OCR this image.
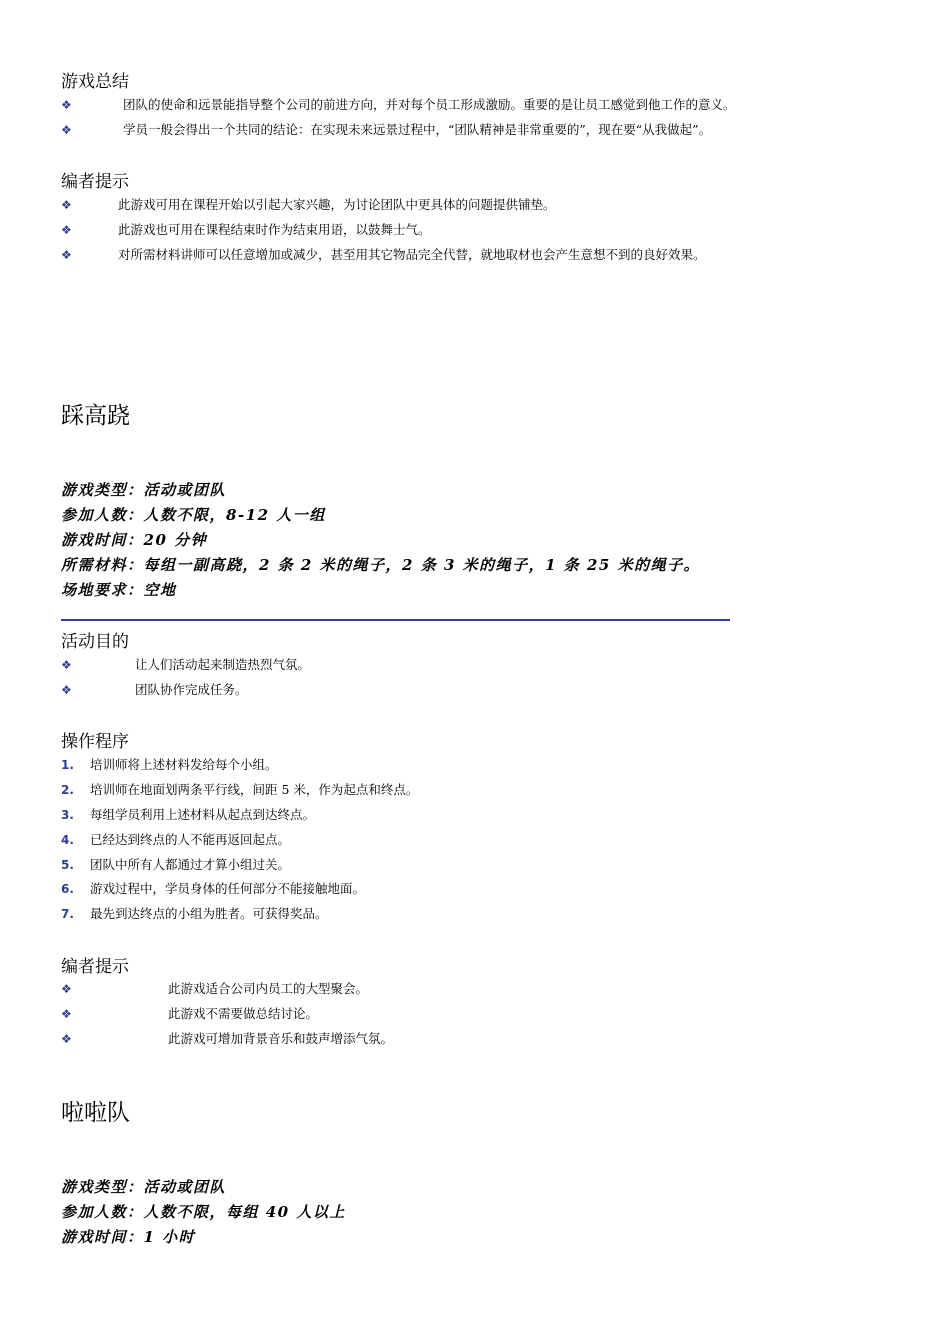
游戏总结
❖	团队的使命和远景能指导整个公司的前进方向，并对每个员工形成激励。重要的是让员工感觉到他工作的意义。
❖	学员一般会得出一个共同的结论：在实现未来远景过程中，“团队精神是非常重要的”，现在要“从我做起”。
编者提示
❖	此游戏可用在课程开始以引起大家兴趣，为讨论团队中更具体的问题提供铺垫。
❖	此游戏也可用在课程结束时作为结束用语，以鼓舞士气。
❖	对所需材料讲师可以任意增加或减少，甚至用其它物品完全代替，就地取材也会产生意想不到的良好效果。
踩高跷
游戏类型：活动或团队
参加人数：人数不限，8-12 人一组
游戏时间：20 分钟
所需材料：每组一副高跷，2 条 2 米的绳子，2 条 3 米的绳子，1 条 25 米的绳子。
场地要求：空地
活动目的
❖	让人们活动起来制造热烈气氛。
❖	团队协作完成任务。
操作程序
1. 培训师将上述材料发给每个小组。
2. 培训师在地面划两条平行线，间距 5 米，作为起点和终点。
3. 每组学员利用上述材料从起点到达终点。
4. 已经达到终点的人不能再返回起点。
5. 团队中所有人都通过才算小组过关。
6. 游戏过程中，学员身体的任何部分不能接触地面。
7. 最先到达终点的小组为胜者。可获得奖品。
编者提示
❖	此游戏适合公司内员工的大型聚会。
❖	此游戏不需要做总结讨论。
❖	此游戏可增加背景音乐和鼓声增添气氛。
啦啦队
游戏类型：活动或团队
参加人数：人数不限，每组 40 人以上
游戏时间：1 小时
